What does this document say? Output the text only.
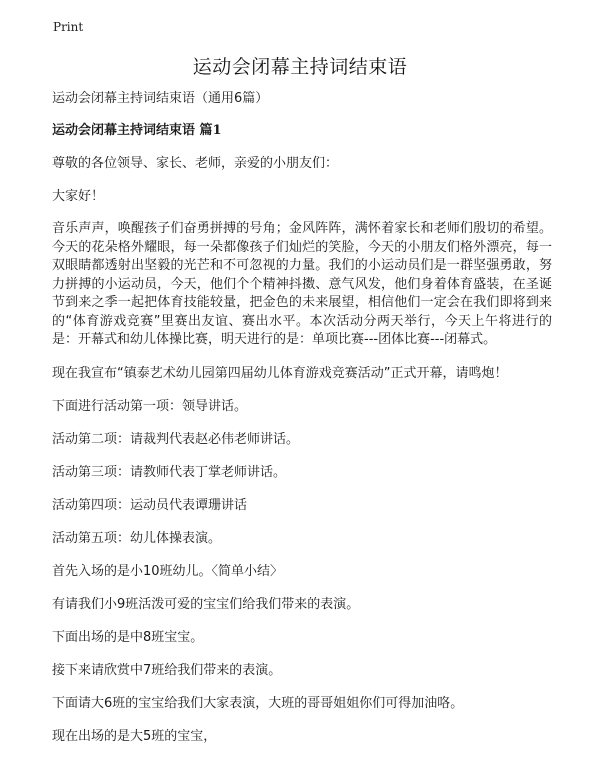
Print
运动会闭幕主持词结束语

运动会闭幕主持词结束语（通用6篇）

运动会闭幕主持词结束语 篇1

尊敬的各位领导、家长、老师，亲爱的小朋友们：

大家好！

音乐声声，唤醒孩子们奋勇拼搏的号角；金风阵阵，满怀着家长和老师们殷切的希望。今天的花朵格外耀眼，每一朵都像孩子们灿烂的笑脸，今天的小朋友们格外漂亮，每一双眼睛都透射出坚毅的光芒和不可忽视的力量。我们的小运动员们是一群坚强勇敢，努力拼搏的小运动员，今天，他们个个精神抖擞、意气风发，他们身着体育盛装，在圣诞节到来之季一起把体育技能较量，把金色的未来展望，相信他们一定会在我们即将到来的“体育游戏竞赛”里赛出友谊、赛出水平。本次活动分两天举行，今天上午将进行的是：开幕式和幼儿体操比赛，明天进行的是：单项比赛---团体比赛---闭幕式。

现在我宣布“镇泰艺术幼儿园第四届幼儿体育游戏竞赛活动”正式开幕，请鸣炮！

下面进行活动第一项：领导讲话。

活动第二项：请裁判代表赵必伟老师讲话。

活动第三项：请教师代表丁掌老师讲话。

活动第四项：运动员代表谭珊讲话

活动第五项：幼儿体操表演。

首先入场的是小10班幼儿。〈简单小结〉

有请我们小9班活泼可爱的宝宝们给我们带来的表演。

下面出场的是中8班宝宝。

接下来请欣赏中7班给我们带来的表演。

下面请大6班的宝宝给我们大家表演，大班的哥哥姐姐你们可得加油咯。

现在出场的是大5班的宝宝，
